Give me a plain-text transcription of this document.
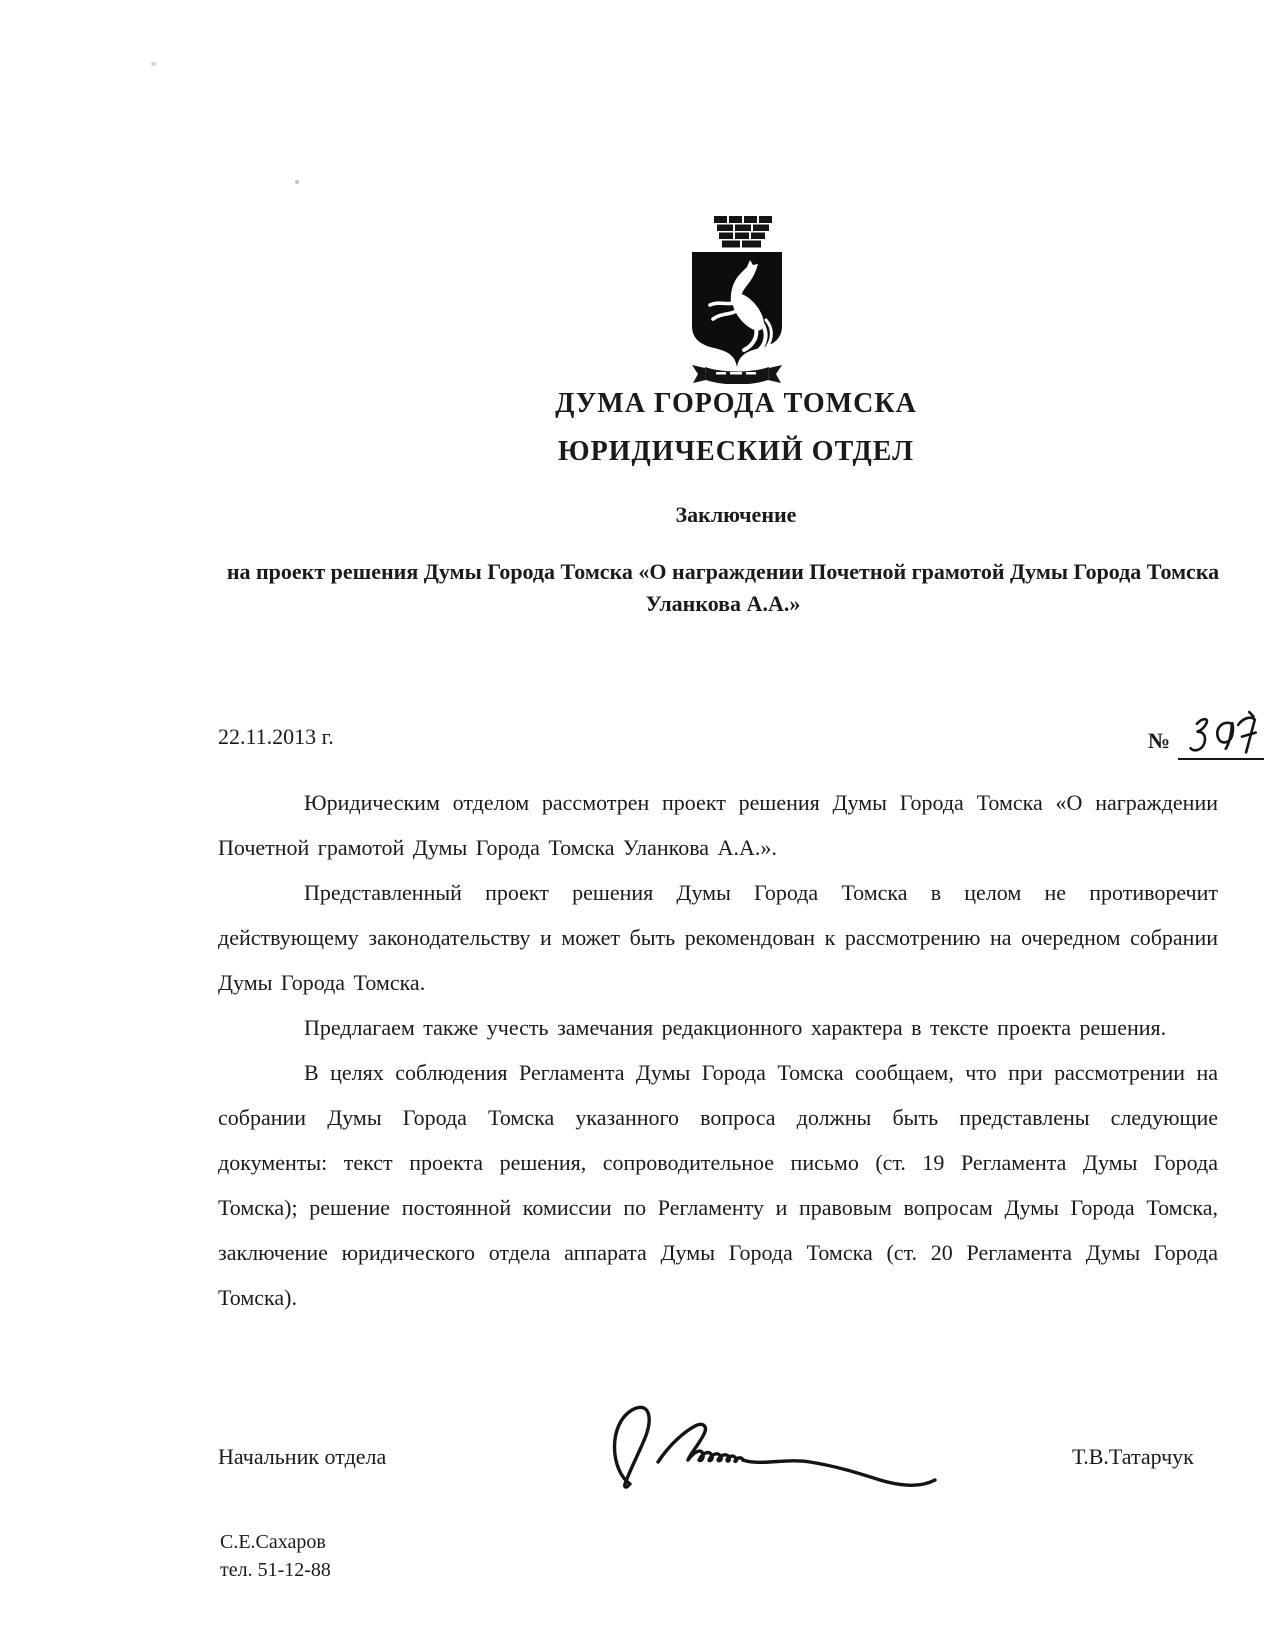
ДУМА ГОРОДА ТОМСКА
ЮРИДИЧЕСКИЙ ОТДЕЛ
Заключение
на проект решения Думы Города Томска «О награждении Почетной грамотой Думы Города Томска Уланкова А.А.»
22.11.2013 г.	№

Юридическим отделом рассмотрен проект решения Думы Города Томска «О награждении Почетной грамотой Думы Города Томска Уланкова А.А.».

Представленный проект решения Думы Города Томска в целом не противоречит действующему законодательству и может быть рекомендован к рассмотрению на очередном собрании Думы Города Томска.

Предлагаем также учесть замечания редакционного характера в тексте проекта решения.

В целях соблюдения Регламента Думы Города Томска сообщаем, что при рассмотрении на собрании Думы Города Томска указанного вопроса должны быть представлены следующие документы: текст проекта решения, сопроводительное письмо (ст. 19 Регламента Думы Города Томска); решение постоянной комиссии по Регламенту и правовым вопросам Думы Города Томска, заключение юридического отдела аппарата Думы Города Томска (ст. 20 Регламента Думы Города Томска).

Начальник отдела	Т.В.Татарчук
С.Е.Сахаров
тел. 51-12-88
